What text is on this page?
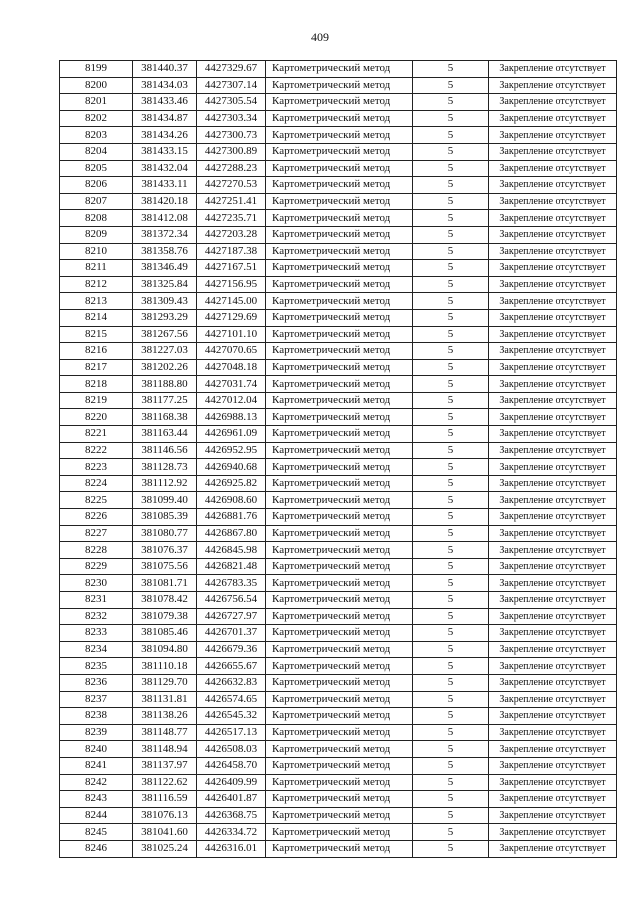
409
8199	381440.37	4427329.67	Картометрический метод	5	Закрепление отсутствует
8200	381434.03	4427307.14	Картометрический метод	5	Закрепление отсутствует
8201	381433.46	4427305.54	Картометрический метод	5	Закрепление отсутствует
8202	381434.87	4427303.34	Картометрический метод	5	Закрепление отсутствует
8203	381434.26	4427300.73	Картометрический метод	5	Закрепление отсутствует
8204	381433.15	4427300.89	Картометрический метод	5	Закрепление отсутствует
8205	381432.04	4427288.23	Картометрический метод	5	Закрепление отсутствует
8206	381433.11	4427270.53	Картометрический метод	5	Закрепление отсутствует
8207	381420.18	4427251.41	Картометрический метод	5	Закрепление отсутствует
8208	381412.08	4427235.71	Картометрический метод	5	Закрепление отсутствует
8209	381372.34	4427203.28	Картометрический метод	5	Закрепление отсутствует
8210	381358.76	4427187.38	Картометрический метод	5	Закрепление отсутствует
8211	381346.49	4427167.51	Картометрический метод	5	Закрепление отсутствует
8212	381325.84	4427156.95	Картометрический метод	5	Закрепление отсутствует
8213	381309.43	4427145.00	Картометрический метод	5	Закрепление отсутствует
8214	381293.29	4427129.69	Картометрический метод	5	Закрепление отсутствует
8215	381267.56	4427101.10	Картометрический метод	5	Закрепление отсутствует
8216	381227.03	4427070.65	Картометрический метод	5	Закрепление отсутствует
8217	381202.26	4427048.18	Картометрический метод	5	Закрепление отсутствует
8218	381188.80	4427031.74	Картометрический метод	5	Закрепление отсутствует
8219	381177.25	4427012.04	Картометрический метод	5	Закрепление отсутствует
8220	381168.38	4426988.13	Картометрический метод	5	Закрепление отсутствует
8221	381163.44	4426961.09	Картометрический метод	5	Закрепление отсутствует
8222	381146.56	4426952.95	Картометрический метод	5	Закрепление отсутствует
8223	381128.73	4426940.68	Картометрический метод	5	Закрепление отсутствует
8224	381112.92	4426925.82	Картометрический метод	5	Закрепление отсутствует
8225	381099.40	4426908.60	Картометрический метод	5	Закрепление отсутствует
8226	381085.39	4426881.76	Картометрический метод	5	Закрепление отсутствует
8227	381080.77	4426867.80	Картометрический метод	5	Закрепление отсутствует
8228	381076.37	4426845.98	Картометрический метод	5	Закрепление отсутствует
8229	381075.56	4426821.48	Картометрический метод	5	Закрепление отсутствует
8230	381081.71	4426783.35	Картометрический метод	5	Закрепление отсутствует
8231	381078.42	4426756.54	Картометрический метод	5	Закрепление отсутствует
8232	381079.38	4426727.97	Картометрический метод	5	Закрепление отсутствует
8233	381085.46	4426701.37	Картометрический метод	5	Закрепление отсутствует
8234	381094.80	4426679.36	Картометрический метод	5	Закрепление отсутствует
8235	381110.18	4426655.67	Картометрический метод	5	Закрепление отсутствует
8236	381129.70	4426632.83	Картометрический метод	5	Закрепление отсутствует
8237	381131.81	4426574.65	Картометрический метод	5	Закрепление отсутствует
8238	381138.26	4426545.32	Картометрический метод	5	Закрепление отсутствует
8239	381148.77	4426517.13	Картометрический метод	5	Закрепление отсутствует
8240	381148.94	4426508.03	Картометрический метод	5	Закрепление отсутствует
8241	381137.97	4426458.70	Картометрический метод	5	Закрепление отсутствует
8242	381122.62	4426409.99	Картометрический метод	5	Закрепление отсутствует
8243	381116.59	4426401.87	Картометрический метод	5	Закрепление отсутствует
8244	381076.13	4426368.75	Картометрический метод	5	Закрепление отсутствует
8245	381041.60	4426334.72	Картометрический метод	5	Закрепление отсутствует
8246	381025.24	4426316.01	Картометрический метод	5	Закрепление отсутствует
